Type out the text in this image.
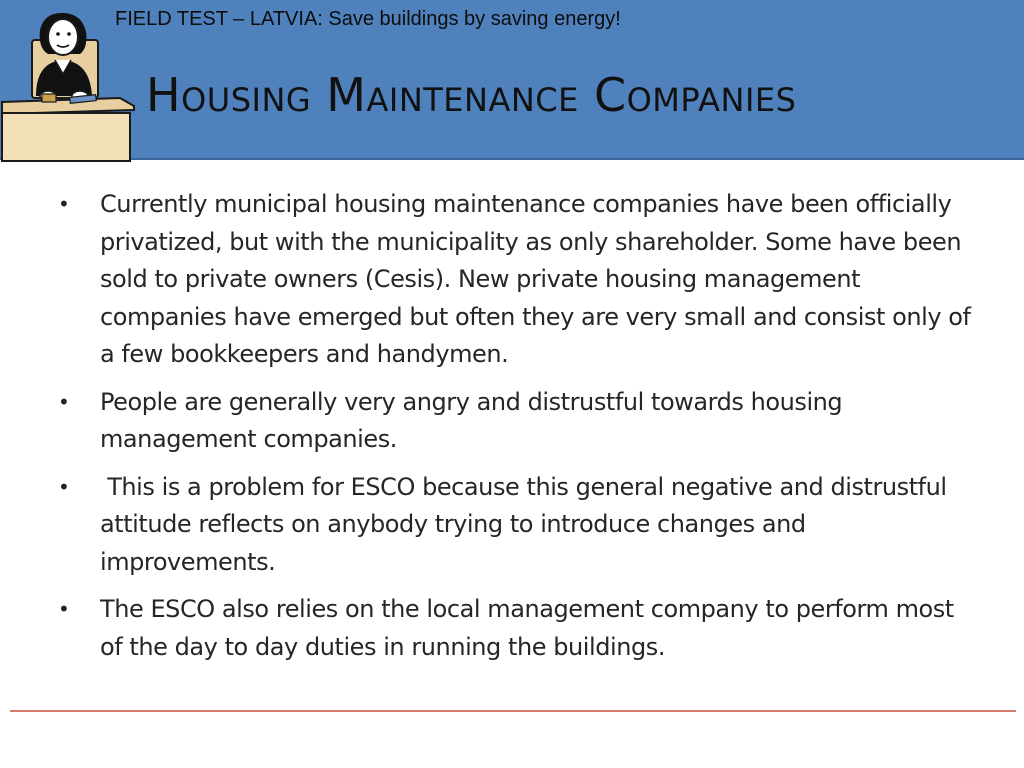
FIELD TEST – LATVIA: Save buildings by saving energy!
Housing Maintenance Companies
•	Currently municipal housing maintenance companies have been officially privatized, but with the municipality as only shareholder. Some have been sold to private owners (Cesis). New private housing management companies have emerged but often they are very small and consist only of a few bookkeepers and handymen.
•	People are generally very angry and distrustful towards housing management companies.
•	This is a problem for ESCO because this general negative and distrustful attitude reflects on anybody trying to introduce changes and improvements.
•	The ESCO also relies on the local management company to perform most of the day to day duties in running the buildings.
